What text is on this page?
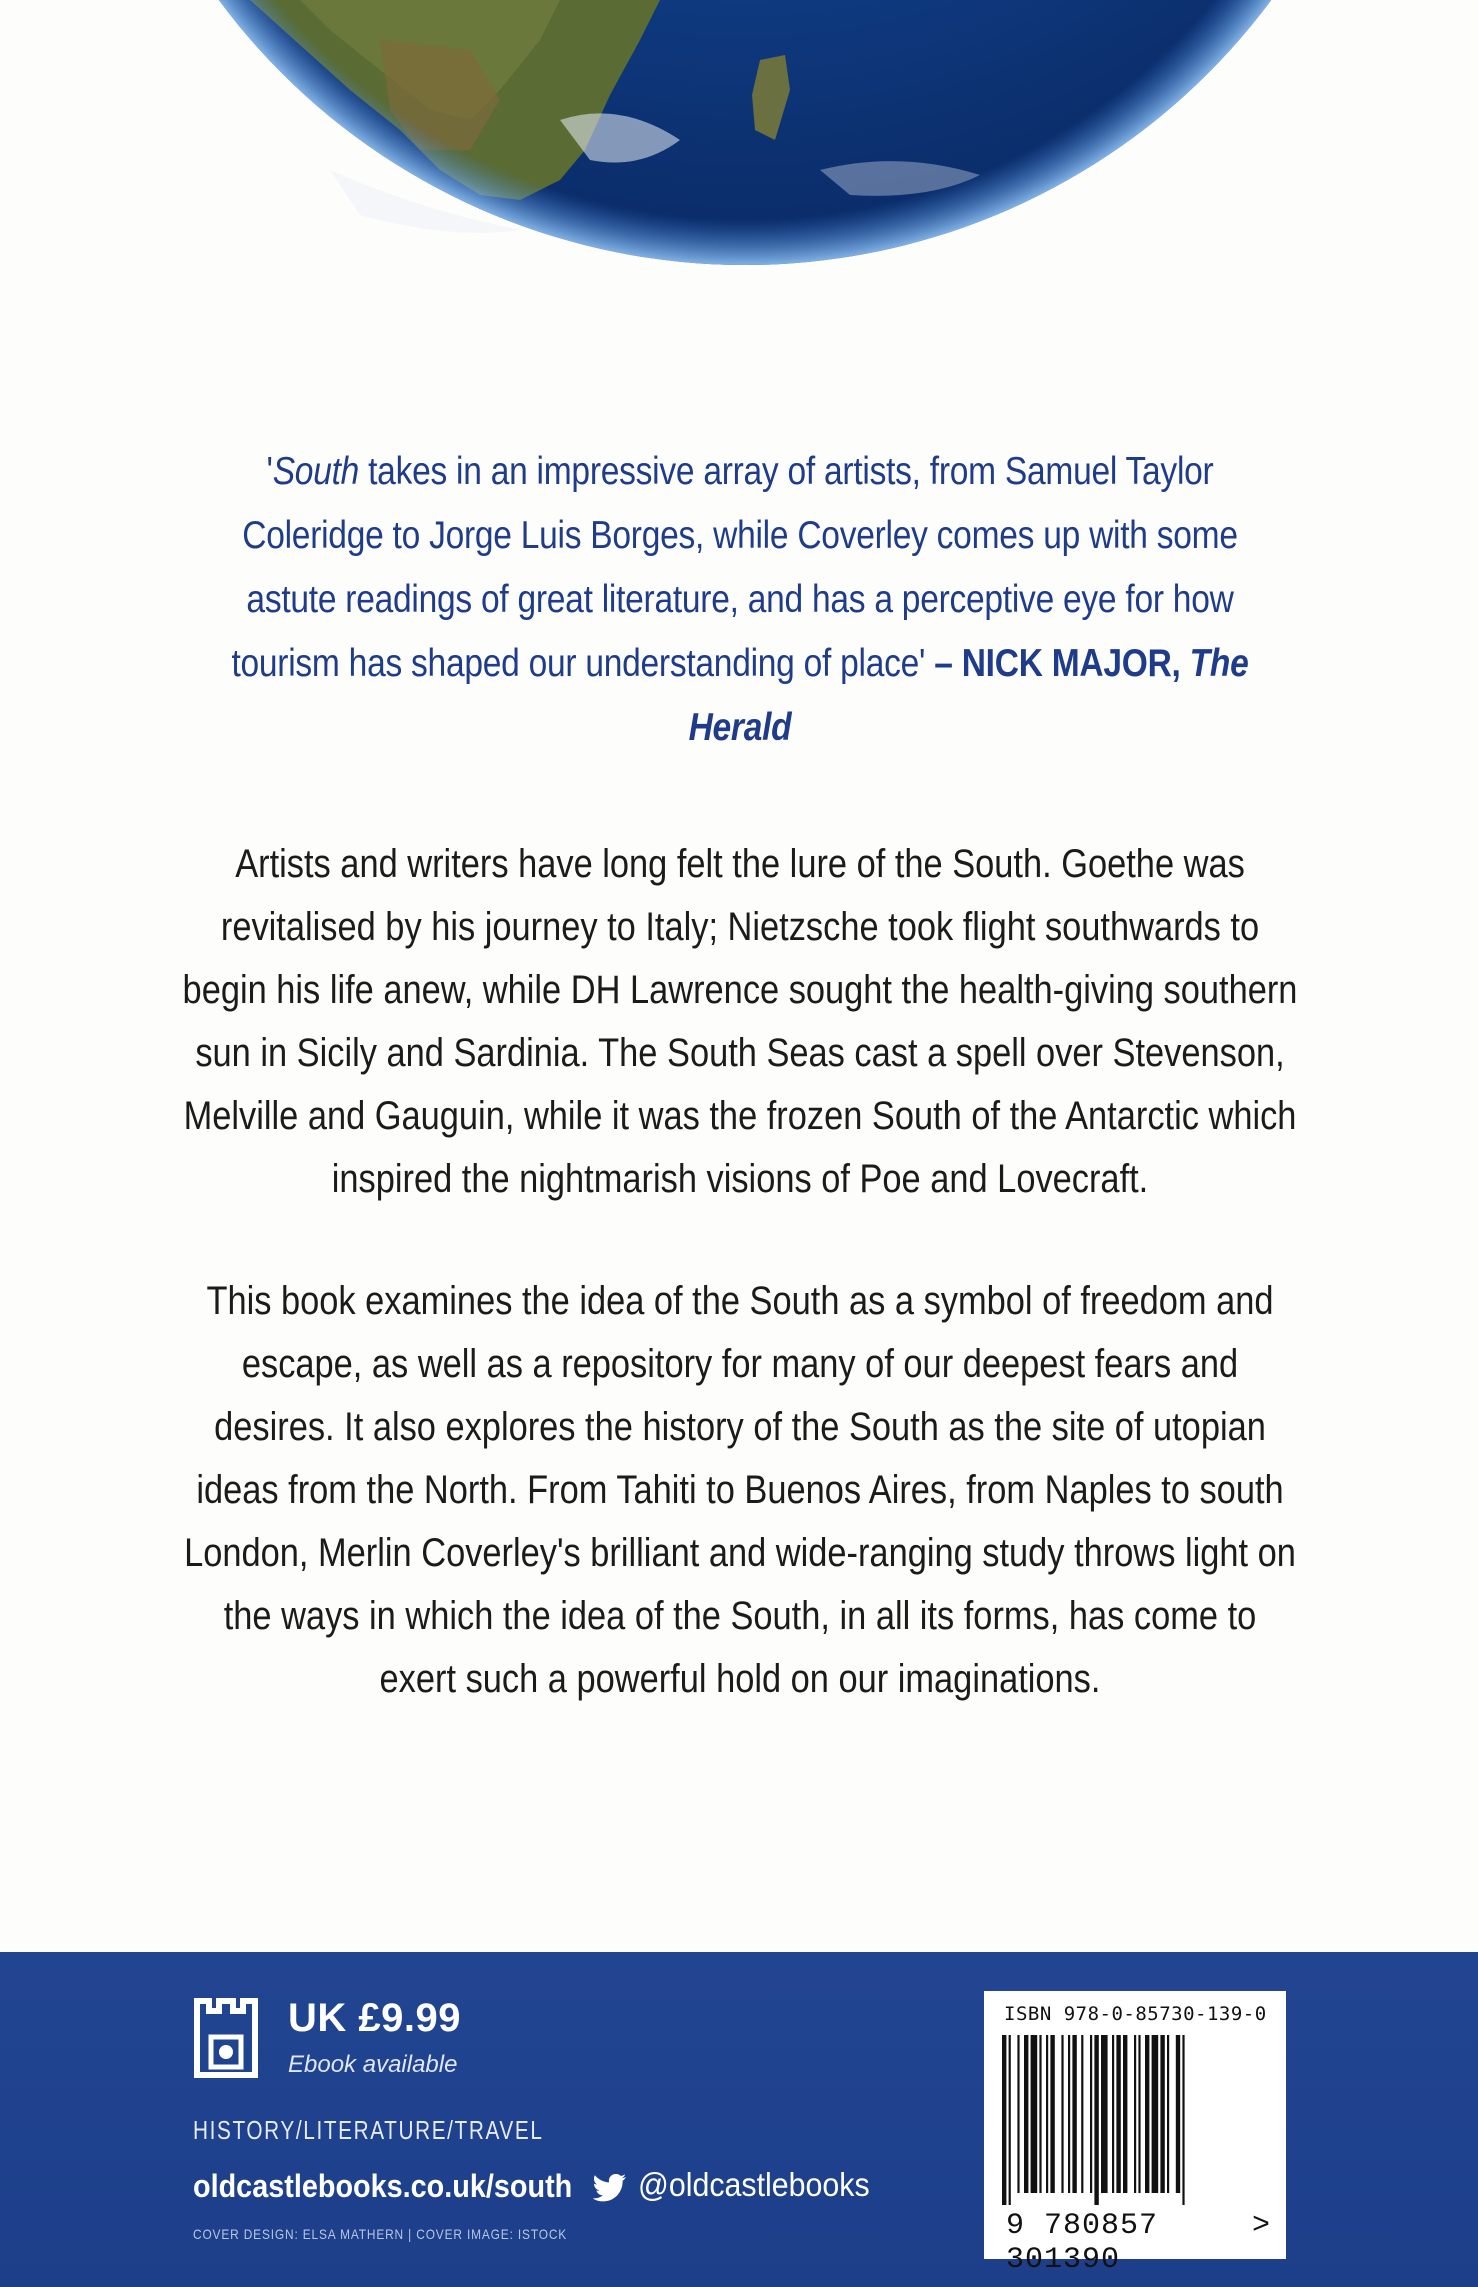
'South takes in an impressive array of artists, from Samuel Taylor Coleridge to Jorge Luis Borges, while Coverley comes up with some astute readings of great literature, and has a perceptive eye for how tourism has shaped our understanding of place' – NICK MAJOR, The Herald

Artists and writers have long felt the lure of the South. Goethe was revitalised by his journey to Italy; Nietzsche took flight southwards to begin his life anew, while DH Lawrence sought the health-giving southern sun in Sicily and Sardinia. The South Seas cast a spell over Stevenson, Melville and Gauguin, while it was the frozen South of the Antarctic which inspired the nightmarish visions of Poe and Lovecraft.

This book examines the idea of the South as a symbol of freedom and escape, as well as a repository for many of our deepest fears and desires. It also explores the history of the South as the site of utopian ideas from the North. From Tahiti to Buenos Aires, from Naples to south London, Merlin Coverley's brilliant and wide-ranging study throws light on the ways in which the idea of the South, in all its forms, has come to exert such a powerful hold on our imaginations.

UK £9.99
Ebook available
HISTORY/LITERATURE/TRAVEL
oldcastlebooks.co.uk/south @oldcastlebooks
COVER DESIGN: ELSA MATHERN | COVER IMAGE: ISTOCK
ISBN 978-0-85730-139-0
9 780857 301390
>
